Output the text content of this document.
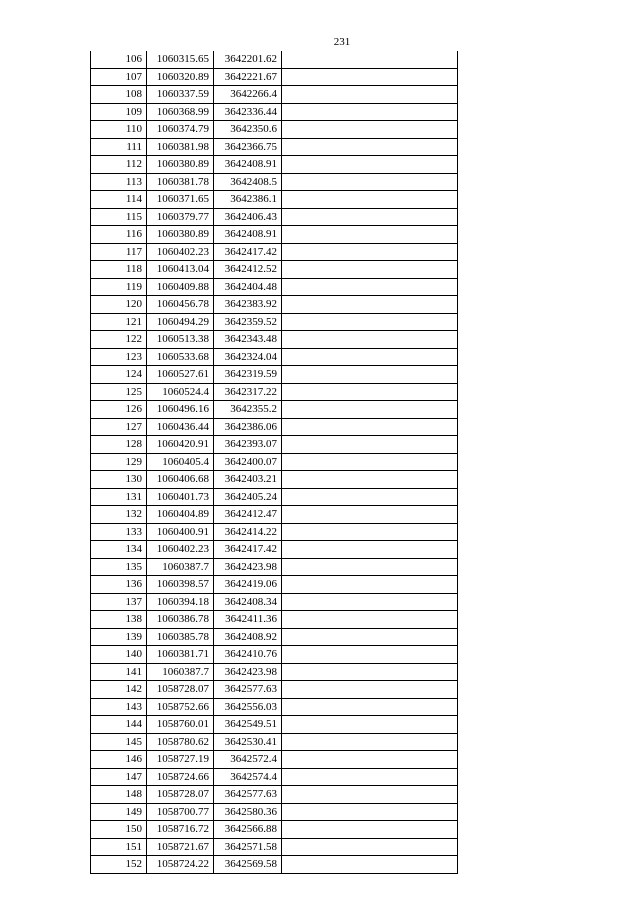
231
106	1060315.65	3642201.62	
107	1060320.89	3642221.67	
108	1060337.59	3642266.4	
109	1060368.99	3642336.44	
110	1060374.79	3642350.6	
111	1060381.98	3642366.75	
112	1060380.89	3642408.91	
113	1060381.78	3642408.5	
114	1060371.65	3642386.1	
115	1060379.77	3642406.43	
116	1060380.89	3642408.91	
117	1060402.23	3642417.42	
118	1060413.04	3642412.52	
119	1060409.88	3642404.48	
120	1060456.78	3642383.92	
121	1060494.29	3642359.52	
122	1060513.38	3642343.48	
123	1060533.68	3642324.04	
124	1060527.61	3642319.59	
125	1060524.4	3642317.22	
126	1060496.16	3642355.2	
127	1060436.44	3642386.06	
128	1060420.91	3642393.07	
129	1060405.4	3642400.07	
130	1060406.68	3642403.21	
131	1060401.73	3642405.24	
132	1060404.89	3642412.47	
133	1060400.91	3642414.22	
134	1060402.23	3642417.42	
135	1060387.7	3642423.98	
136	1060398.57	3642419.06	
137	1060394.18	3642408.34	
138	1060386.78	3642411.36	
139	1060385.78	3642408.92	
140	1060381.71	3642410.76	
141	1060387.7	3642423.98	
142	1058728.07	3642577.63	
143	1058752.66	3642556.03	
144	1058760.01	3642549.51	
145	1058780.62	3642530.41	
146	1058727.19	3642572.4	
147	1058724.66	3642574.4	
148	1058728.07	3642577.63	
149	1058700.77	3642580.36	
150	1058716.72	3642566.88	
151	1058721.67	3642571.58	
152	1058724.22	3642569.58	
